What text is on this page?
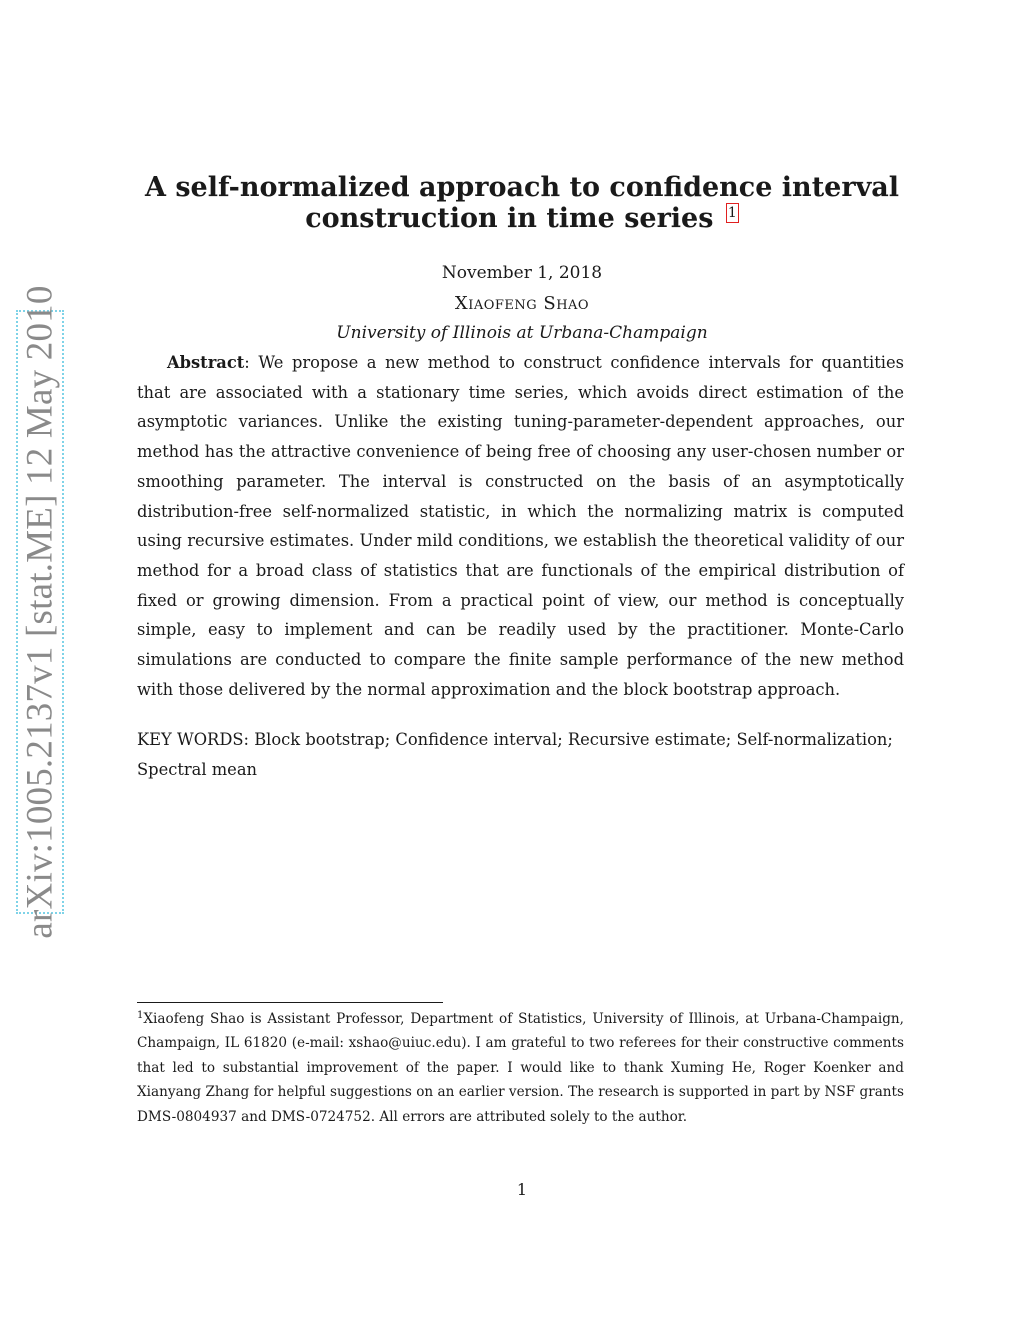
arXiv:1005.2137v1 [stat.ME] 12 May 2010
A self-normalized approach to confidence interval
construction in time series 1
November 1, 2018
Xiaofeng Shao
University of Illinois at Urbana-Champaign

Abstract: We propose a new method to construct confidence intervals for quantities that are associated with a stationary time series, which avoids direct estimation of the asymptotic variances. Unlike the existing tuning-parameter-dependent approaches, our method has the attractive convenience of being free of choosing any user-chosen number or smoothing parameter. The interval is constructed on the basis of an asymptotically distribution-free self-normalized statistic, in which the normalizing matrix is computed using recursive estimates. Under mild conditions, we establish the theoretical validity of our method for a broad class of statistics that are functionals of the empirical distribution of fixed or growing dimension. From a practical point of view, our method is conceptually simple, easy to implement and can be readily used by the practitioner. Monte-Carlo simulations are conducted to compare the finite sample performance of the new method with those delivered by the normal approximation and the block bootstrap approach.

KEY WORDS: Block bootstrap; Confidence interval; Recursive estimate; Self-normalization; Spectral mean

$^1$Xiaofeng Shao is Assistant Professor, Department of Statistics, University of Illinois, at Urbana-Champaign, Champaign, IL 61820 (e-mail: xshao@uiuc.edu). I am grateful to two referees for their constructive comments that led to substantial improvement of the paper. I would like to thank Xuming He, Roger Koenker and Xianyang Zhang for helpful suggestions on an earlier version. The research is supported in part by NSF grants DMS-0804937 and DMS-0724752. All errors are attributed solely to the author.

1
